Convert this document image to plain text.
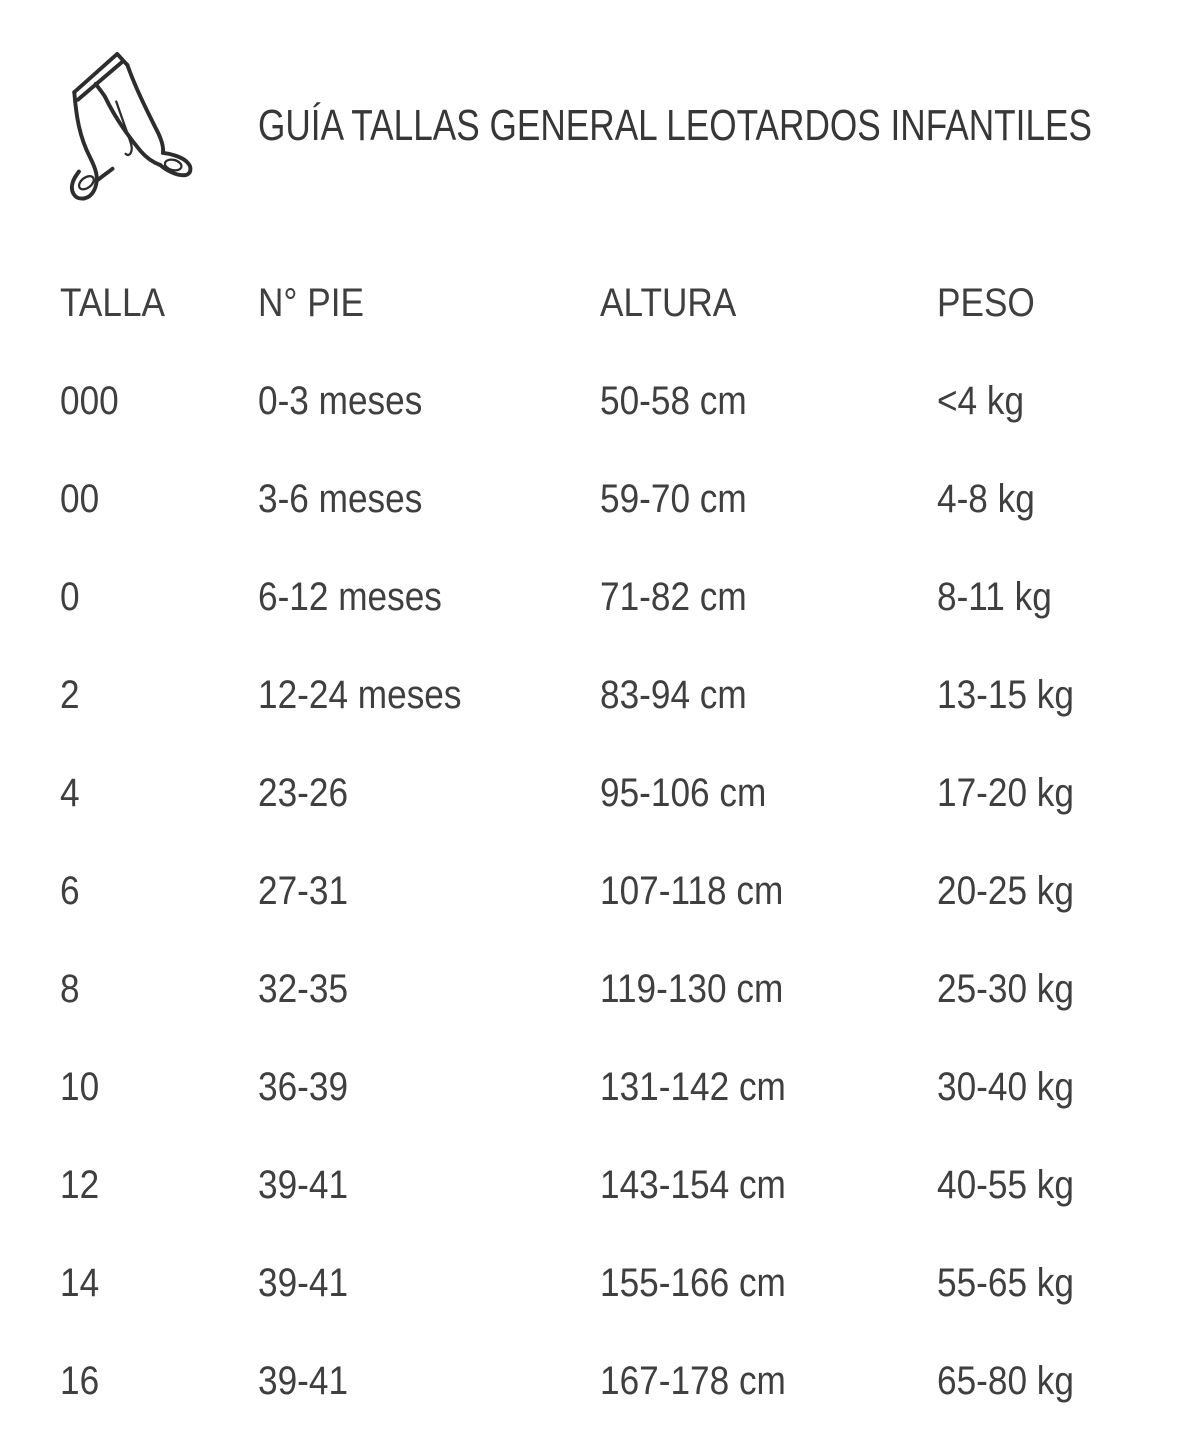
GUÍA TALLAS GENERAL LEOTARDOS INFANTILES
TALLA	N° PIE	ALTURA	PESO
000	0-3 meses	50-58 cm	<4 kg
00	3-6 meses	59-70 cm	4-8 kg
0	6-12 meses	71-82 cm	8-11 kg
2	12-24 meses	83-94 cm	13-15 kg
4	23-26	95-106 cm	17-20 kg
6	27-31	107-118 cm	20-25 kg
8	32-35	119-130 cm	25-30 kg
10	36-39	131-142 cm	30-40 kg
12	39-41	143-154 cm	40-55 kg
14	39-41	155-166 cm	55-65 kg
16	39-41	167-178 cm	65-80 kg
